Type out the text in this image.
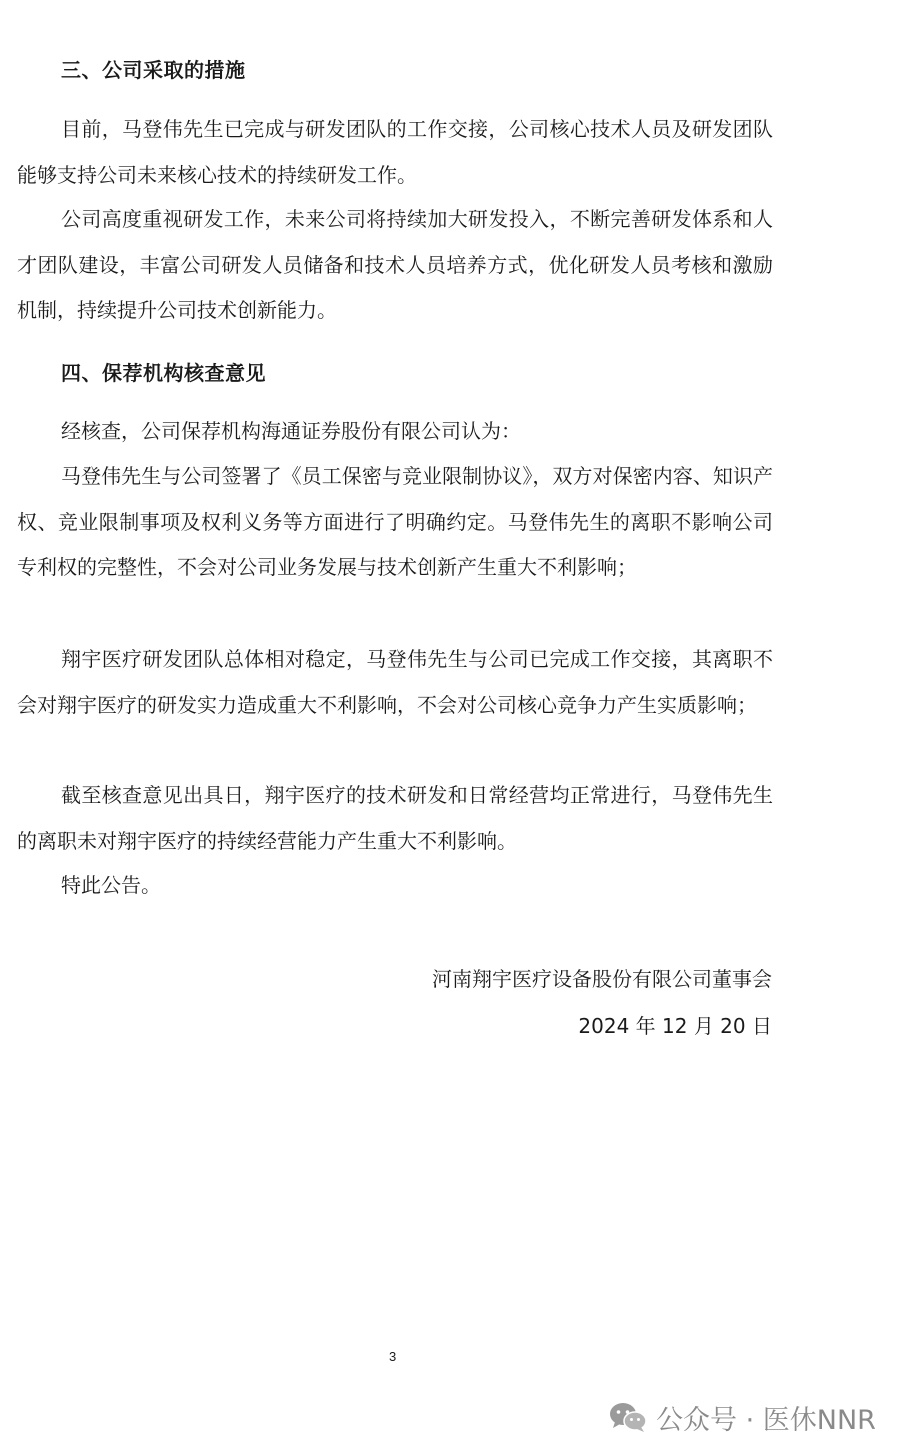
三、公司采取的措施

目前，马登伟先生已完成与研发团队的工作交接，公司核心技术人员及研发团队能够支持公司未来核心技术的持续研发工作。

公司高度重视研发工作，未来公司将持续加大研发投入，不断完善研发体系和人才团队建设，丰富公司研发人员储备和技术人员培养方式，优化研发人员考核和激励机制，持续提升公司技术创新能力。

四、保荐机构核查意见

经核查，公司保荐机构海通证券股份有限公司认为：

马登伟先生与公司签署了《员工保密与竞业限制协议》，双方对保密内容、知识产权、竞业限制事项及权利义务等方面进行了明确约定。马登伟先生的离职不影响公司专利权的完整性，不会对公司业务发展与技术创新产生重大不利影响；

翔宇医疗研发团队总体相对稳定，马登伟先生与公司已完成工作交接，其离职不会对翔宇医疗的研发实力造成重大不利影响，不会对公司核心竞争力产生实质影响；

截至核查意见出具日，翔宇医疗的技术研发和日常经营均正常进行，马登伟先生的离职未对翔宇医疗的持续经营能力产生重大不利影响。

特此公告。

河南翔宇医疗设备股份有限公司董事会
2024 年 12 月 20 日
3
公众号 · 医休NNR
